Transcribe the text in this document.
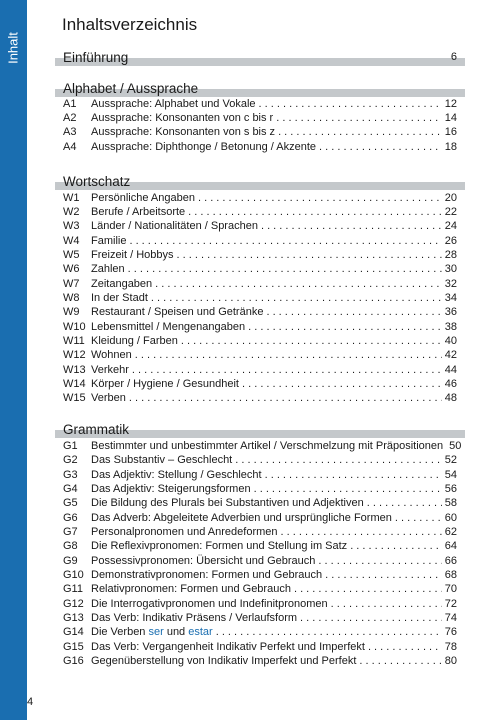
Inhalt
Inhaltsverzeichnis
Einführung	6
Alphabet / Aussprache
A1	Aussprache: Alphabet und Vokale . . .	12
A2	Aussprache: Konsonanten von c bis r . . .	14
A3	Aussprache: Konsonanten von s bis z . . .	16
A4	Aussprache: Diphthonge / Betonung / Akzente . . .	18
Wortschatz
W1	Persönliche Angaben . . .	20
W2	Berufe / Arbeitsorte . . .	22
W3	Länder / Nationalitäten / Sprachen . . .	24
W4	Familie . . .	26
W5	Freizeit / Hobbys . . .	28
W6	Zahlen . . .	30
W7	Zeitangaben . . .	32
W8	In der Stadt . . .	34
W9	Restaurant / Speisen und Getränke . . .	36
W10 Lebensmittel / Mengenangaben . . .	38
W11 Kleidung / Farben . . .	40
W12 Wohnen . . .	42
W13 Verkehr . . .	44
W14 Körper / Hygiene / Gesundheit . . .	46
W15 Verben . . .	48
Grammatik
G1	Bestimmter und unbestimmter Artikel / Verschmelzung mit Präpositionen 50
G2	Das Substantiv – Geschlecht . . .	52
G3	Das Adjektiv: Stellung / Geschlecht . . .	54
G4	Das Adjektiv: Steigerungsformen . . .	56
G5	Die Bildung des Plurals bei Substantiven und Adjektiven . . .	58
G6	Das Adverb: Abgeleitete Adverbien und ursprüngliche Formen . . .	60
G7	Personalpronomen und Anredeformen . . .	62
G8	Die Reflexivpronomen: Formen und Stellung im Satz . . .	64
G9	Possessivpronomen: Übersicht und Gebrauch . . .	66
G10 Demonstrativpronomen: Formen und Gebrauch . . .	68
G11 Relativpronomen: Formen und Gebrauch . . .	70
G12 Die Interrogativpronomen und Indefinitpronomen . . .	72
G13 Das Verb: Indikativ Präsens / Verlaufsform . . .	74
G14 Die Verben ser und estar . . .	76
G15 Das Verb: Vergangenheit Indikativ Perfekt und Imperfekt . . .	78
G16 Gegenüberstellung von Indikativ Imperfekt und Perfekt . . .	80
4
